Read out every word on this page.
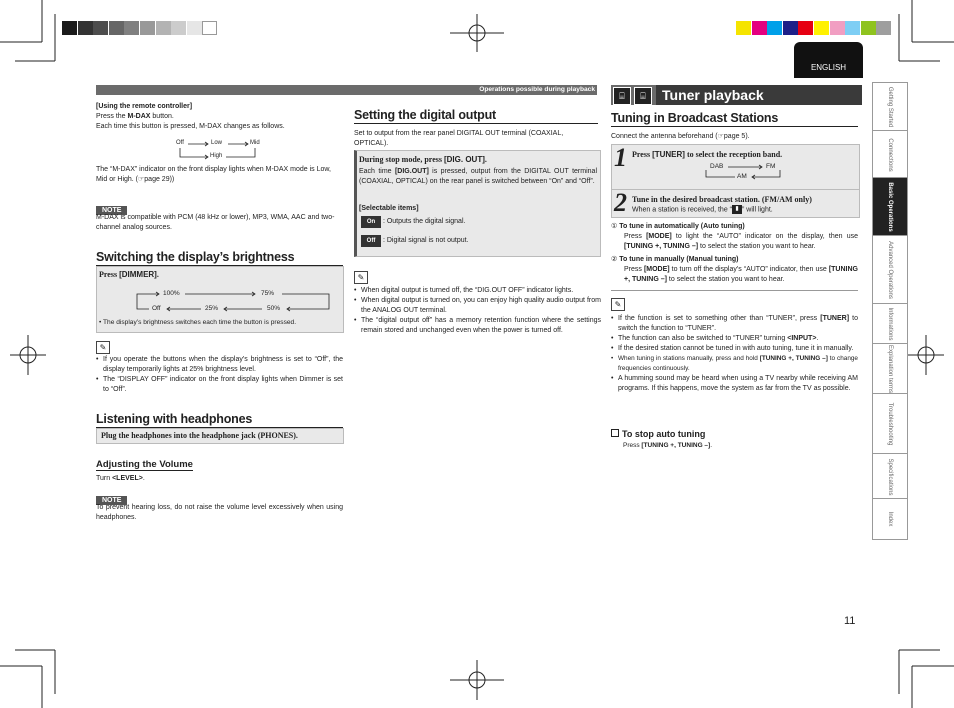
ENGLISH
Getting Started
Connections
Basic Operations
Advanced Operations
Informations
Explanation terms
Troubleshooting
Specifications
Index
11
Operations possible during playback
[Using the remote controller]
Press the M-DAX button.
Each time this button is pressed, M-DAX changes as follows.
Off	Low	Mid
High
The “M-DAX” indicator on the front display lights when M-DAX mode is Low, Mid or High. (☞page 29))
NOTE
M-DAX is compatible with PCM (48 kHz or lower), MP3, WMA, AAC and two-channel analog sources.
Switching the display’s brightness
Press [DIMMER].
100%	75%
Off	25%	50%
• The display’s brightness switches each time the button is pressed.
✎
• If you operate the buttons when the display’s brightness is set to “Off”, the display temporarily lights at 25% brightness level.
• The “DISPLAY OFF” indicator on the front display lights when Dimmer is set to “Off”.
Listening with headphones
Plug the headphones into the headphone jack (PHONES).
Adjusting the Volume
Turn <LEVEL>.
NOTE
To prevent hearing loss, do not raise the volume level excessively when using headphones.
Setting the digital output
Set to output from the rear panel DIGITAL OUT terminal (COAXIAL, OPTICAL).
During stop mode, press [DIG. OUT].
Each time [DIG.OUT] is pressed, output from the DIGITAL OUT terminal (COAXIAL, OPTICAL) on the rear panel is switched between “On” and “Off”.
[Selectable items]
On : Outputs the digital signal.
Off : Digital signal is not output.
✎
• When digital output is turned off, the “DIG.OUT OFF” indicator lights.
• When digital output is turned on, you can enjoy high quality audio output from the ANALOG OUT terminal.
• The “digital output off” has a memory retention function where the settings remain stored and unchanged even when the power is turned off.
⌸	⌸	Tuner playback
Tuning in Broadcast Stations
Connect the antenna beforehand (☞page 5).
1 Press [TUNER] to select the reception band.
DAB	FM
AM
2 Tune in the desired broadcast station. (FM/AM only)
When a station is received, the “ ▮ ” will light.
① To tune in automatically (Auto tuning)
Press [MODE] to light the “AUTO” indicator on the display, then use [TUNING +, TUNING –] to select the station you want to hear.
② To tune in manually (Manual tuning)
Press [MODE] to turn off the display's “AUTO” indicator, then use [TUNING +, TUNING –] to select the station you want to hear.
✎
• If the function is set to something other than “TUNER”, press [TUNER] to switch the function to “TUNER”.
• The function can also be switched to “TUNER” turning <INPUT>.
• If the desired station cannot be tuned in with auto tuning, tune it in manually.
• When tuning in stations manually, press and hold [TUNING +, TUNING –] to change frequencies continuously.
• A humming sound may be heard when using a TV nearby while receiving AM programs. If this happens, move the system as far from the TV as possible.
To stop auto tuning
Press [TUNING +, TUNING –].
